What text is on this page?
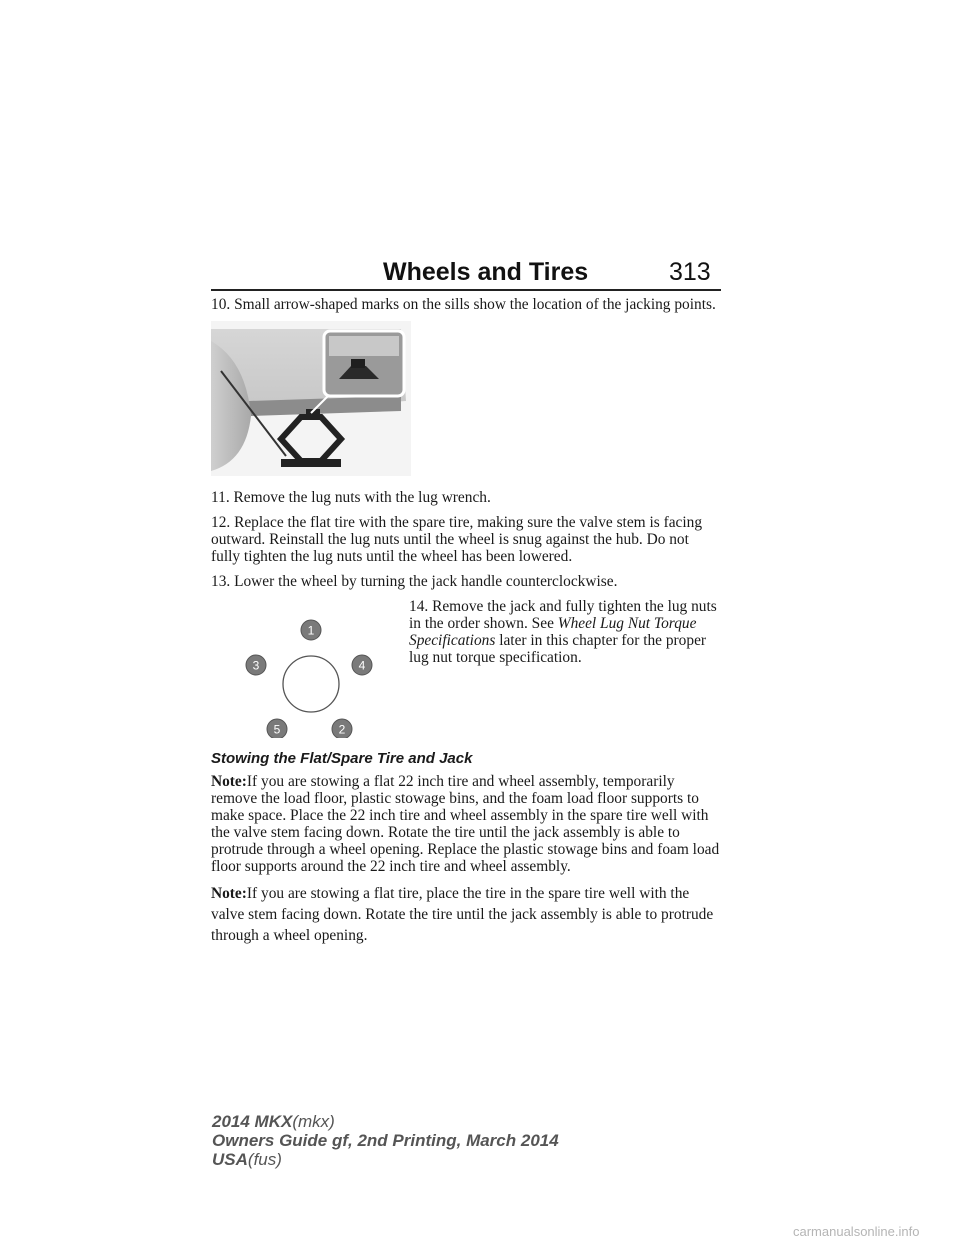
Wheels and Tires	313

10. Small arrow-shaped marks on the sills show the location of the jacking points.

11. Remove the lug nuts with the lug wrench.

12. Replace the flat tire with the spare tire, making sure the valve stem is facing outward. Reinstall the lug nuts until the wheel is snug against the hub. Do not fully tighten the lug nuts until the wheel has been lowered.

13. Lower the wheel by turning the jack handle counterclockwise.

1
2
3	4
5
14. Remove the jack and fully tighten the lug nuts in the order shown. See Wheel Lug Nut Torque Specifications later in this chapter for the proper lug nut torque specification.
Stowing the Flat/Spare Tire and Jack

Note:If you are stowing a flat 22 inch tire and wheel assembly, temporarily remove the load floor, plastic stowage bins, and the foam load floor supports to make space. Place the 22 inch tire and wheel assembly in the spare tire well with the valve stem facing down. Rotate the tire until the jack assembly is able to protrude through a wheel opening. Replace the plastic stowage bins and foam load floor supports around the 22 inch tire and wheel assembly.

Note:If you are stowing a flat tire, place the tire in the spare tire well with the valve stem facing down. Rotate the tire until the jack assembly is able to protrude through a wheel opening.

2014 MKX(mkx)
Owners Guide gf, 2nd Printing, March 2014
USA(fus)
carmanualsonline.info
